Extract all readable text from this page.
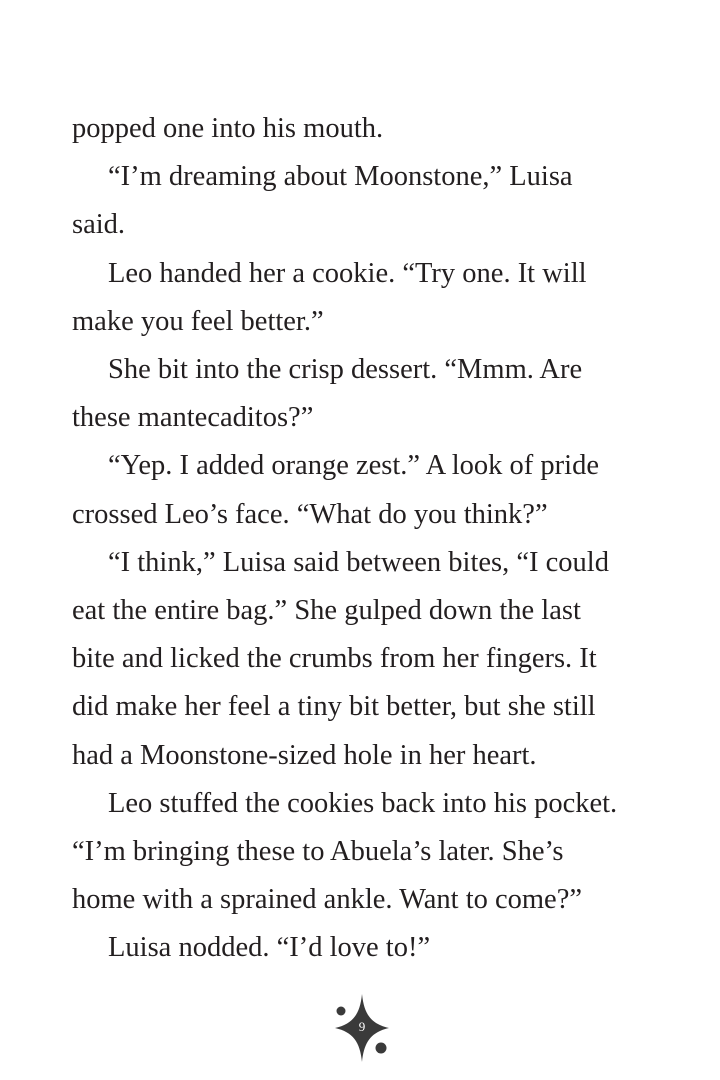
popped one into his mouth.
“I’m dreaming about Moonstone,” Luisa
said.
Leo handed her a cookie. “Try one. It will
make you feel better.”
She bit into the crisp dessert. “Mmm. Are
these mantecaditos?”
“Yep. I added orange zest.” A look of pride
crossed Leo’s face. “What do you think?”
“I think,” Luisa said between bites, “I could
eat the entire bag.” She gulped down the last
bite and licked the crumbs from her fingers. It
did make her feel a tiny bit better, but she still
had a Moonstone-sized hole in her heart.
Leo stuffed the cookies back into his pocket.
“I’m bringing these to Abuela’s later. She’s
home with a sprained ankle. Want to come?”
Luisa nodded. “I’d love to!”
9
